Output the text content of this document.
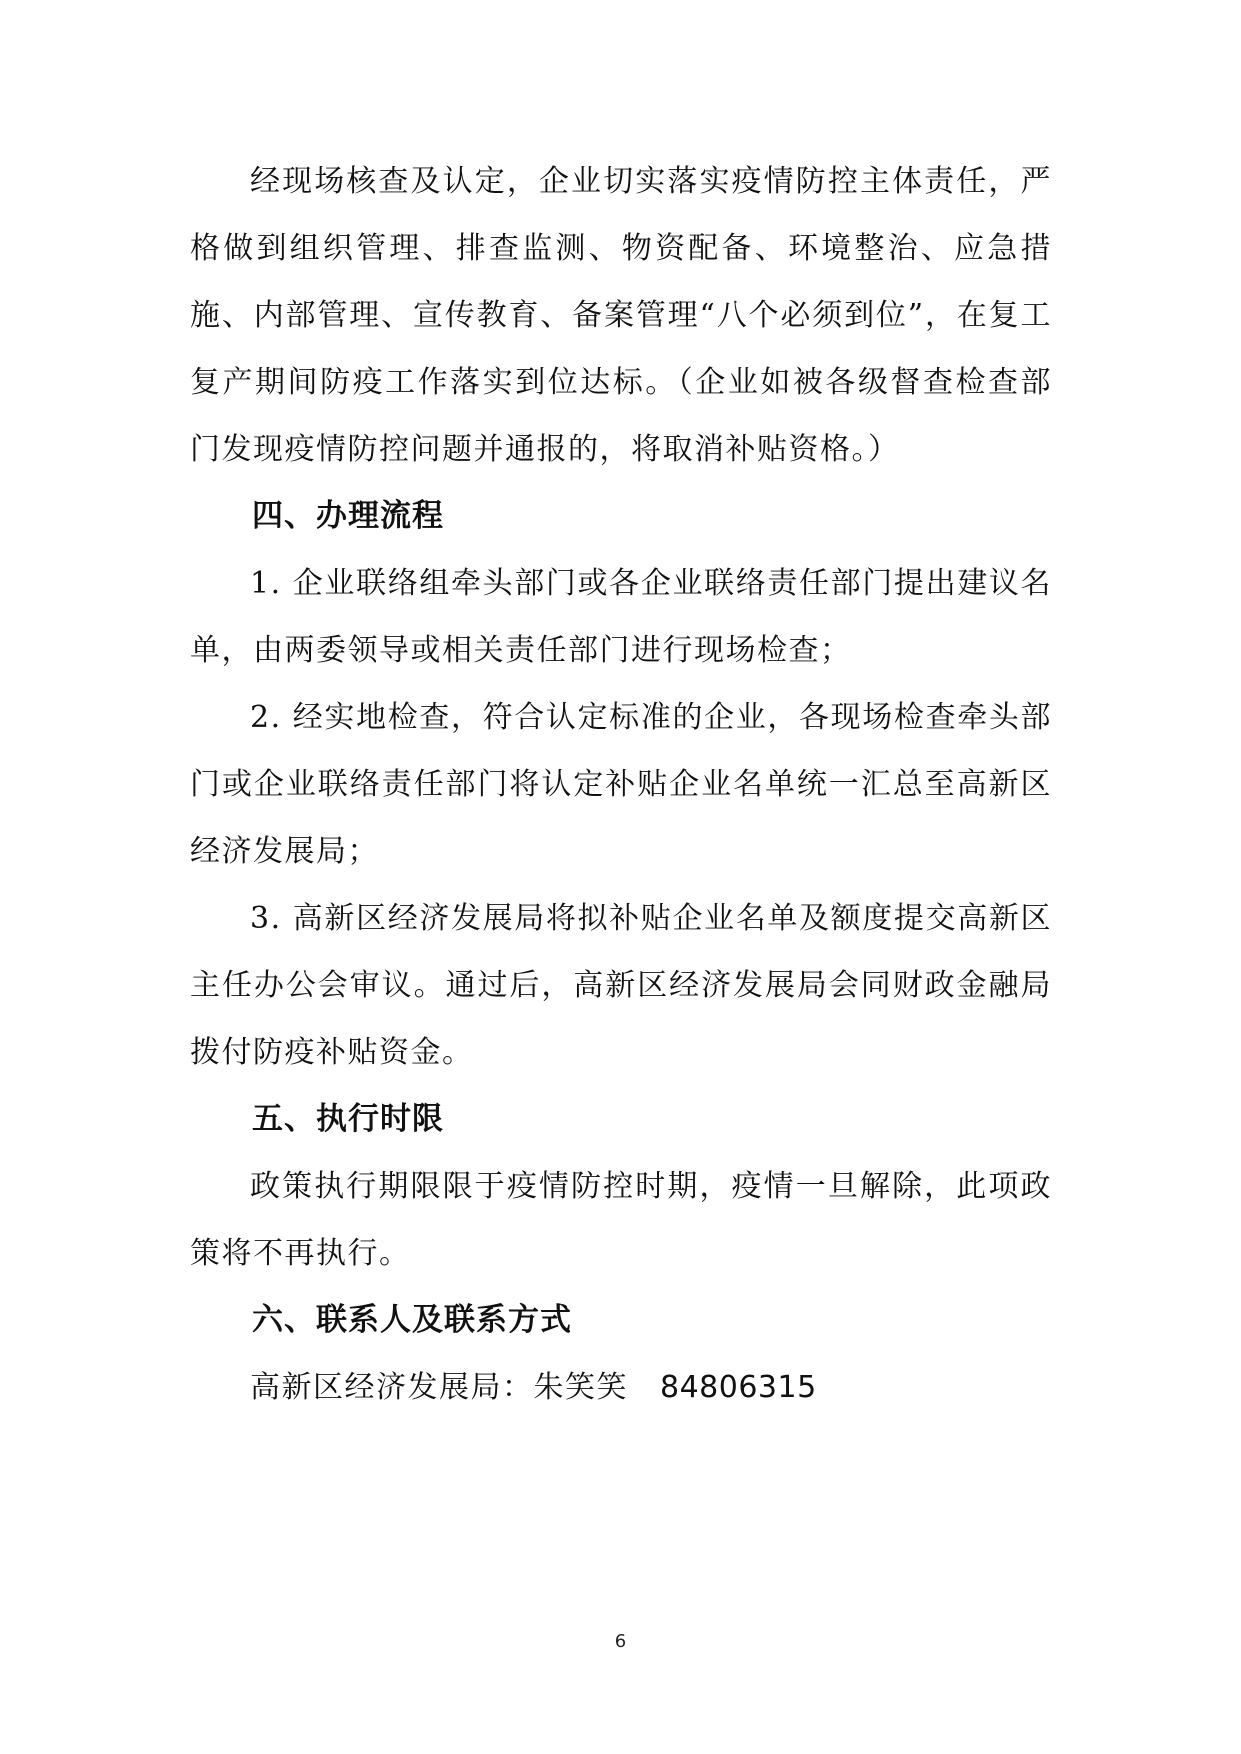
经现场核查及认定，企业切实落实疫情防控主体责任，严格做到组织管理、排查监测、物资配备、环境整治、应急措施、内部管理、宣传教育、备案管理“八个必须到位”，在复工复产期间防疫工作落实到位达标。（企业如被各级督查检查部门发现疫情防控问题并通报的，将取消补贴资格。）

四、办理流程

1. 企业联络组牵头部门或各企业联络责任部门提出建议名单，由两委领导或相关责任部门进行现场检查；

2. 经实地检查，符合认定标准的企业，各现场检查牵头部门或企业联络责任部门将认定补贴企业名单统一汇总至高新区经济发展局；

3. 高新区经济发展局将拟补贴企业名单及额度提交高新区主任办公会审议。通过后，高新区经济发展局会同财政金融局拨付防疫补贴资金。

五、执行时限

政策执行期限限于疫情防控时期，疫情一旦解除，此项政策将不再执行。

六、联系人及联系方式

高新区经济发展局：朱笑笑 84806315

6
